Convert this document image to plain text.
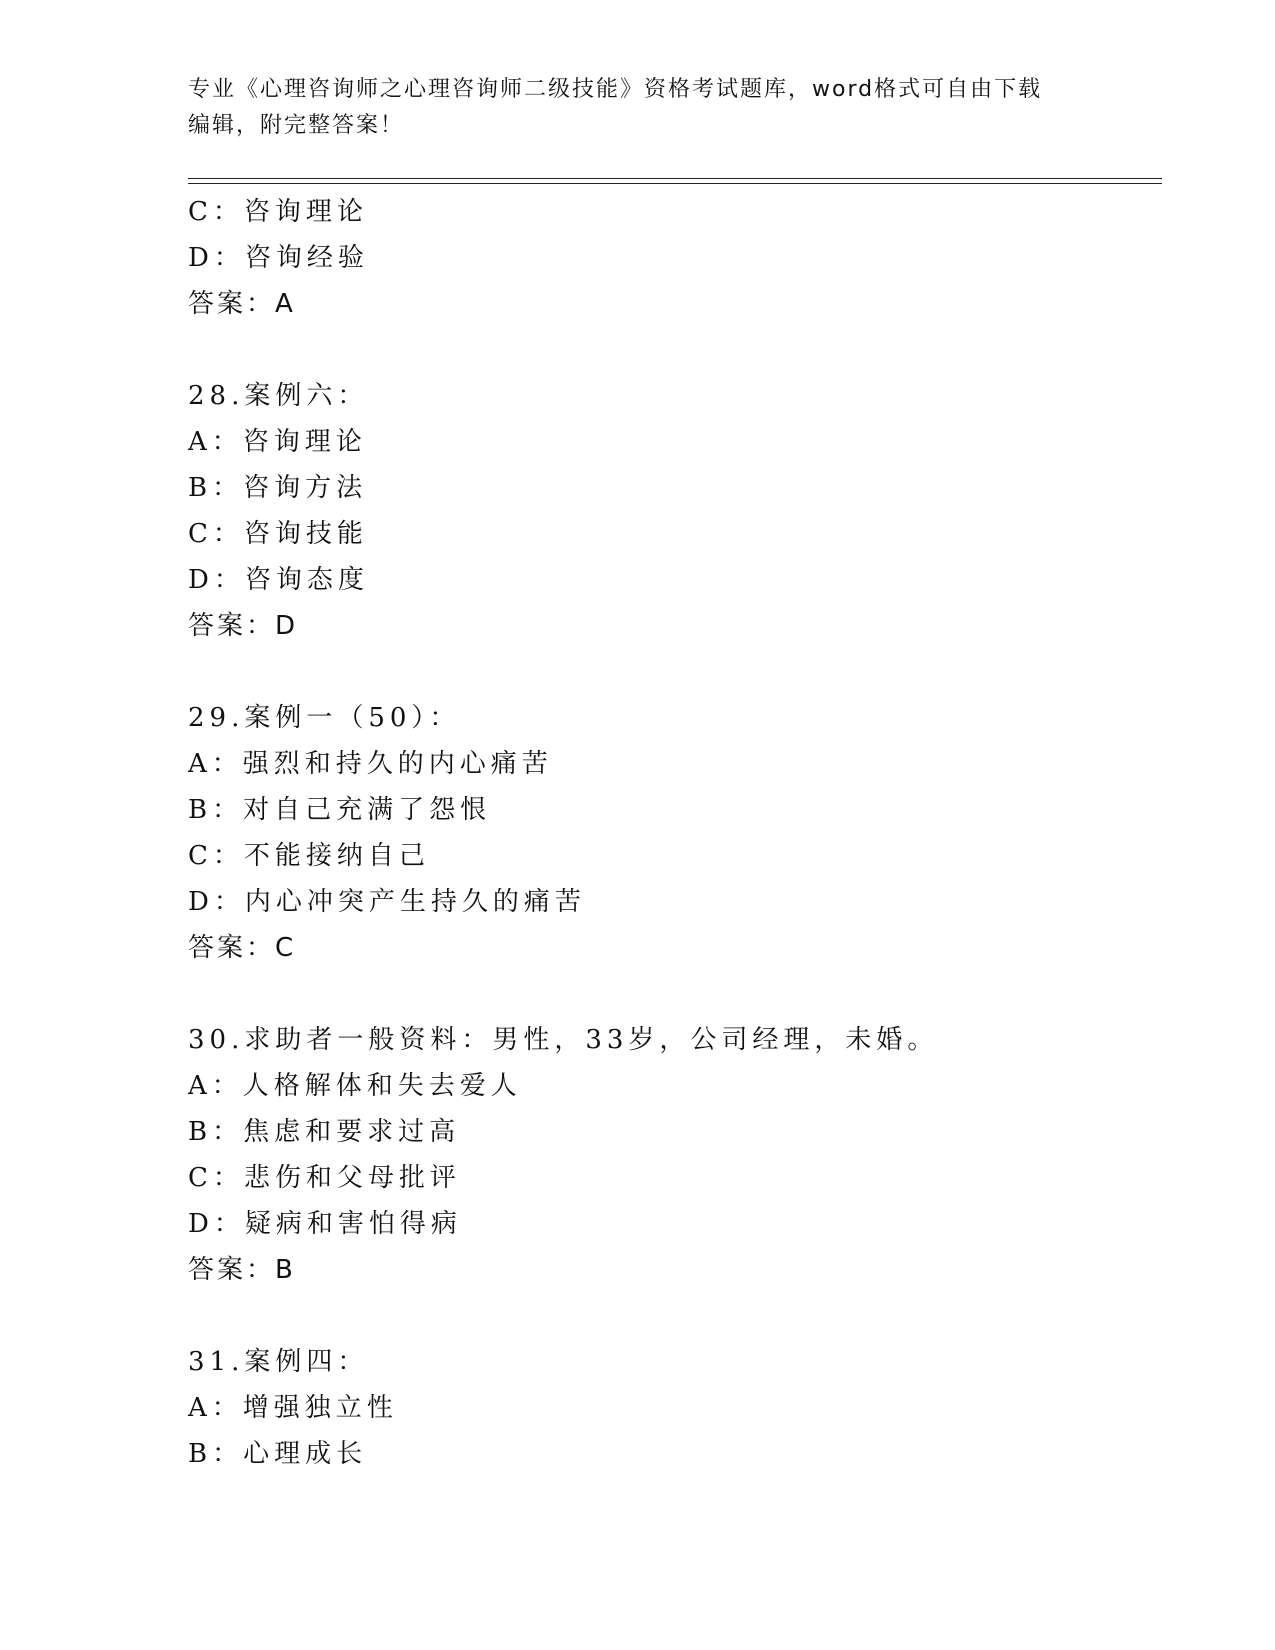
专业《心理咨询师之心理咨询师二级技能》资格考试题库，word格式可自由下载
编辑，附完整答案！
C：咨询理论
D：咨询经验
答案：A
28.案例六：
A：咨询理论
B：咨询方法
C：咨询技能
D：咨询态度
答案：D
29.案例一（50）：
A：强烈和持久的内心痛苦
B：对自己充满了怨恨
C：不能接纳自己
D：内心冲突产生持久的痛苦
答案：C
30.求助者一般资料：男性，33岁，公司经理，未婚。
A：人格解体和失去爱人
B：焦虑和要求过高
C：悲伤和父母批评
D：疑病和害怕得病
答案：B
31.案例四：
A：增强独立性
B：心理成长
